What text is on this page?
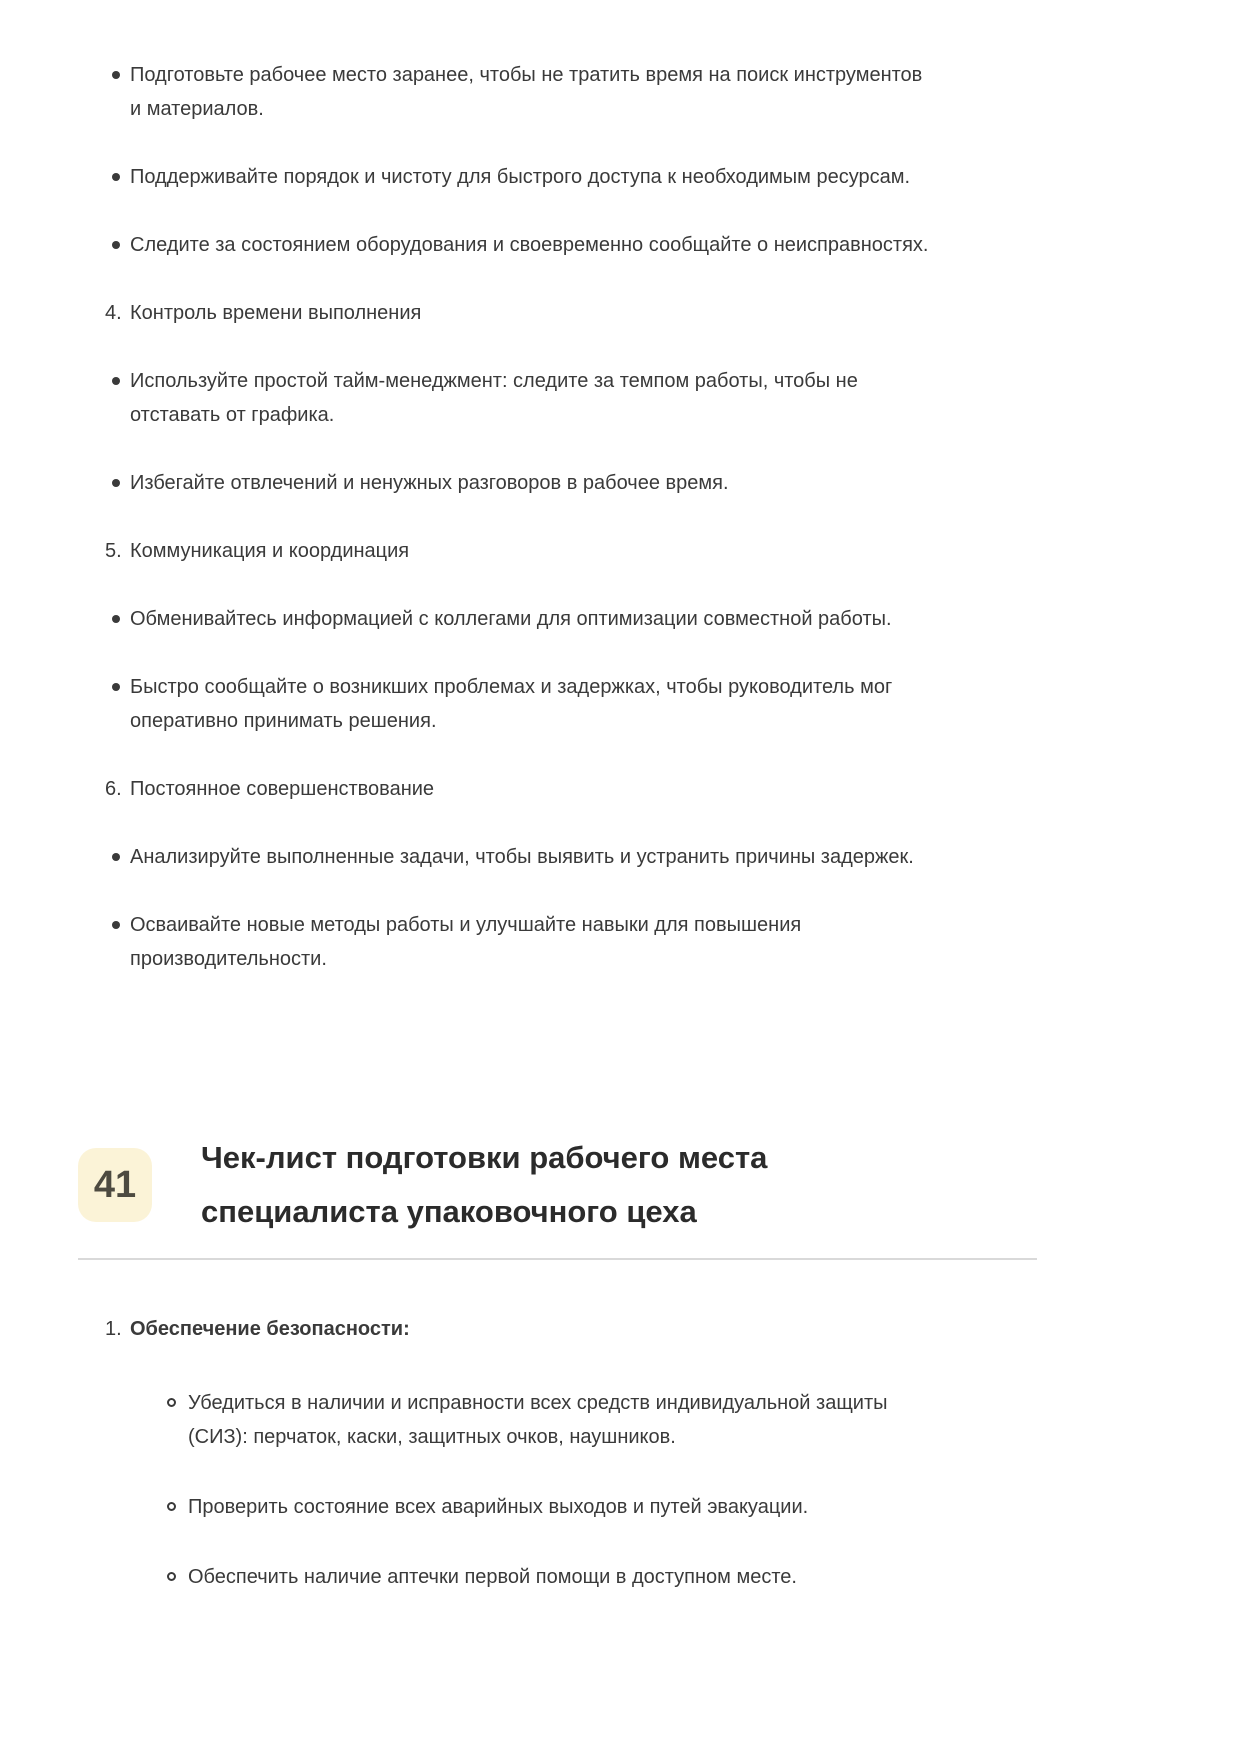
Подготовьте рабочее место заранее, чтобы не тратить время на поиск инструментов и материалов.
Поддерживайте порядок и чистоту для быстрого доступа к необходимым ресурсам.
Следите за состоянием оборудования и своевременно сообщайте о неисправностях.
4. Контроль времени выполнения
Используйте простой тайм-менеджмент: следите за темпом работы, чтобы не отставать от графика.
Избегайте отвлечений и ненужных разговоров в рабочее время.
5. Коммуникация и координация
Обменивайтесь информацией с коллегами для оптимизации совместной работы.
Быстро сообщайте о возникших проблемах и задержках, чтобы руководитель мог оперативно принимать решения.
6. Постоянное совершенствование
Анализируйте выполненные задачи, чтобы выявить и устранить причины задержек.
Осваивайте новые методы работы и улучшайте навыки для повышения производительности.
41
Чек-лист подготовки рабочего места специалиста упаковочного цеха
1. Обеспечение безопасности:
Убедиться в наличии и исправности всех средств индивидуальной защиты (СИЗ): перчаток, каски, защитных очков, наушников.
Проверить состояние всех аварийных выходов и путей эвакуации.
Обеспечить наличие аптечки первой помощи в доступном месте.
